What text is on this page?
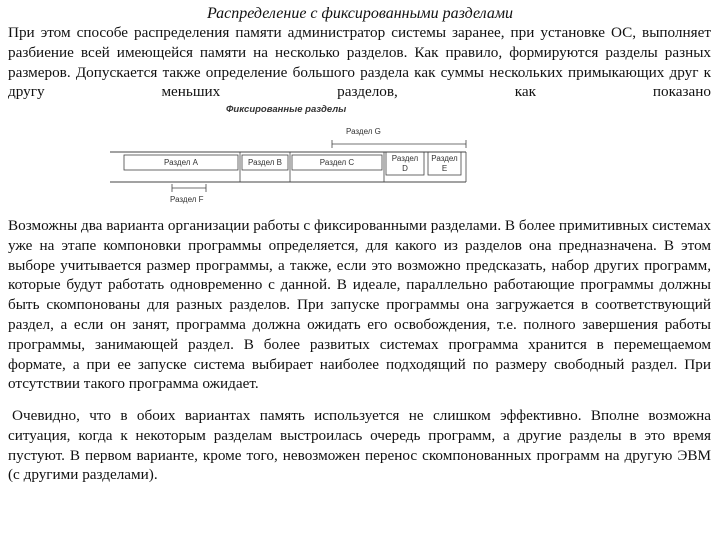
Распределение с фиксированными разделами

При этом способе распределения памяти администратор системы заранее, при установке ОС, выполняет разбиение всей имеющейся памяти на несколько разделов. Как правило, формируются разделы разных размеров. Допускается также определение большого раздела как суммы нескольких примыкающих друг к другу меньших разделов, как показано

Фиксированные разделы
Раздел G
Раздел F
Раздел A	Раздел B	Раздел C	Раздел
D
Раздел
E

Возможны два варианта организации работы с фиксированными разделами. В более примитивных системах уже на этапе компоновки программы определяется, для какого из разделов она предназначена. В этом выборе учитывается размер программы, а также, если это возможно предсказать, набор других программ, которые будут работать одновременно с данной. В идеале, параллельно работающие программы должны быть скомпонованы для разных разделов. При запуске программы она загружается в соответствующий раздел, а если он занят, программа должна ожидать его освобождения, т.е. полного завершения работы программы, занимающей раздел. В более развитых системах программа хранится в перемещаемом формате, а при ее запуске система выбирает наиболее подходящий по размеру свободный раздел. При отсутствии такого программа ожидает.

Очевидно, что в обоих вариантах память используется не слишком эффективно. Вполне возможна ситуация, когда к некоторым разделам выстроилась очередь программ, а другие разделы в это время пустуют. В первом варианте, кроме того, невозможен перенос скомпонованных программ на другую ЭВМ (с другими разделами).
